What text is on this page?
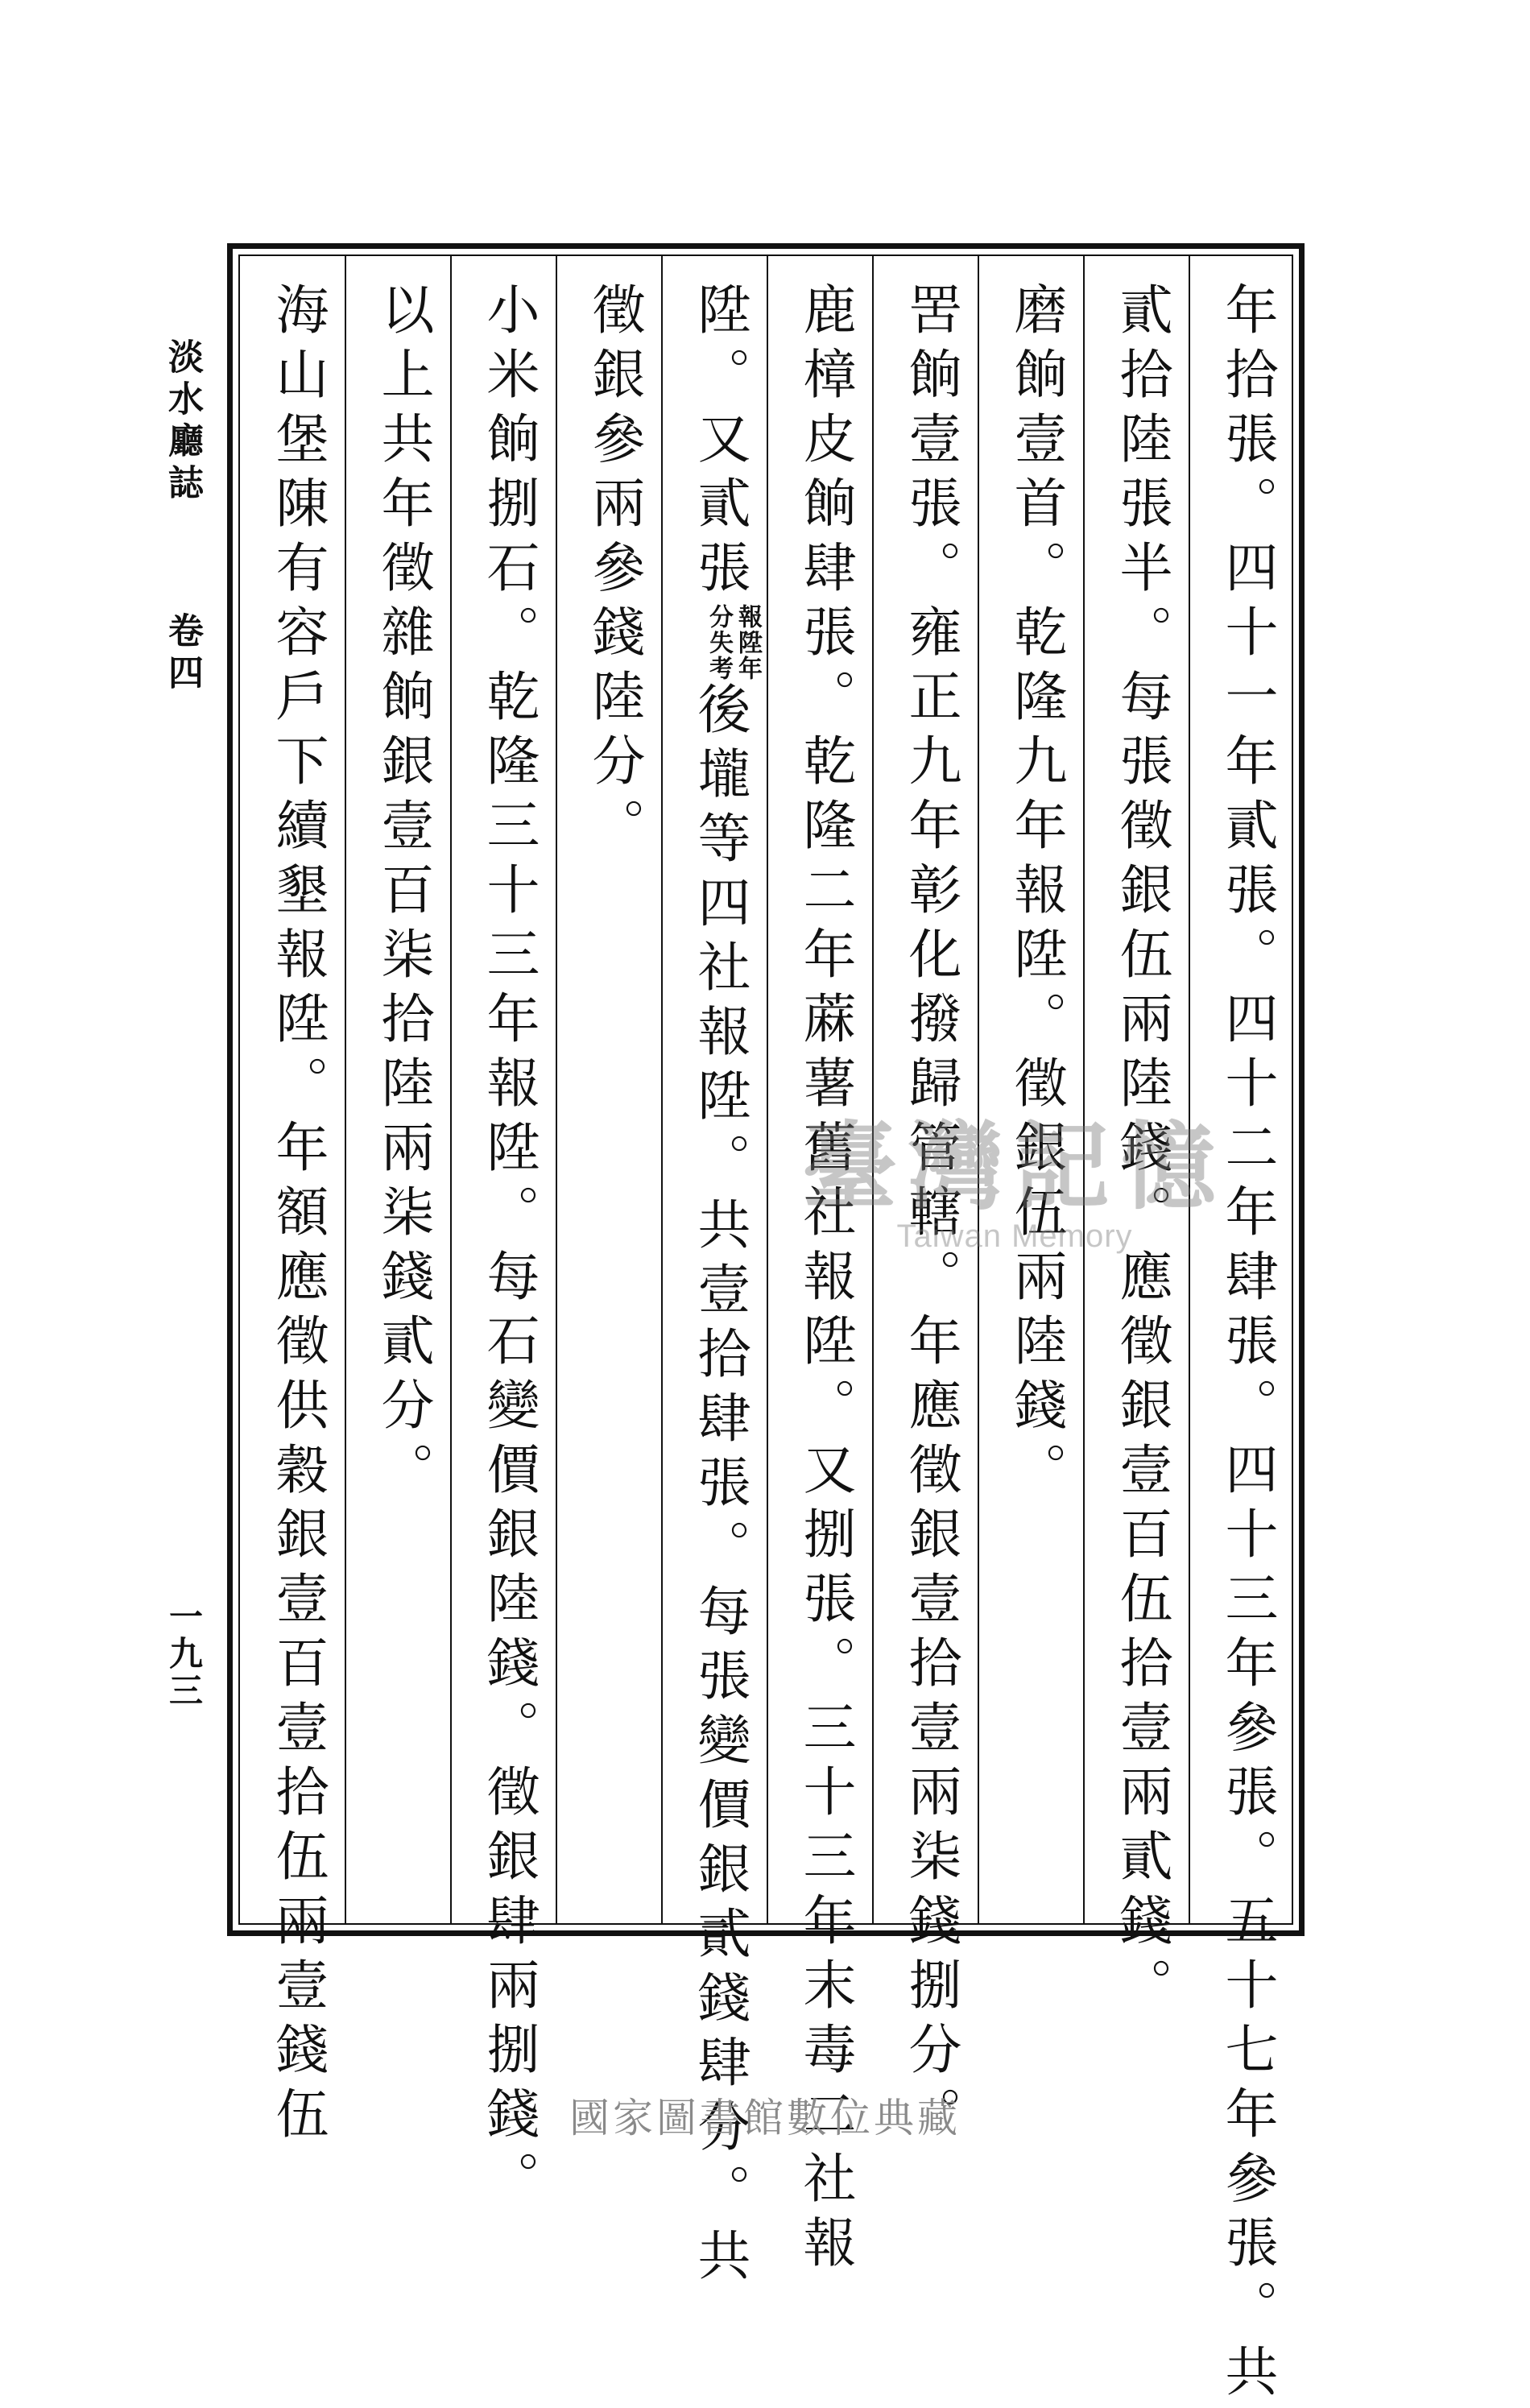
淡水廳誌
卷四
一九三	年拾張。四十一年貳張。四十二年肆張。四十三年參張。五十七年參張。共
貳拾陸張半。每張徵銀伍兩陸錢。應徵銀壹百伍拾壹兩貳錢。
磨餉壹首。乾隆九年報陞。徵銀伍兩陸錢。
罟餉壹張。雍正九年彰化撥歸管轄。年應徵銀壹拾壹兩柒錢捌分。
鹿樟皮餉肆張。乾隆二年蔴薯舊社報陞。又捌張。三十三年末毒二社報
陞。又貳張報陞年
分失考後壠等四社報陞。共壹拾肆張。每張變價銀貳錢肆分。共
徵銀參兩參錢陸分。
小米餉捌石。乾隆三十三年報陞。每石變價銀陸錢。徵銀肆兩捌錢。
以上共年徵雜餉銀壹百柒拾陸兩柒錢貳分。
海山堡陳有容戶下續墾報陞。年額應徵供穀銀壹百壹拾伍兩壹錢伍	臺灣記憶
Taiwan Memory
國家圖書館數位典藏
